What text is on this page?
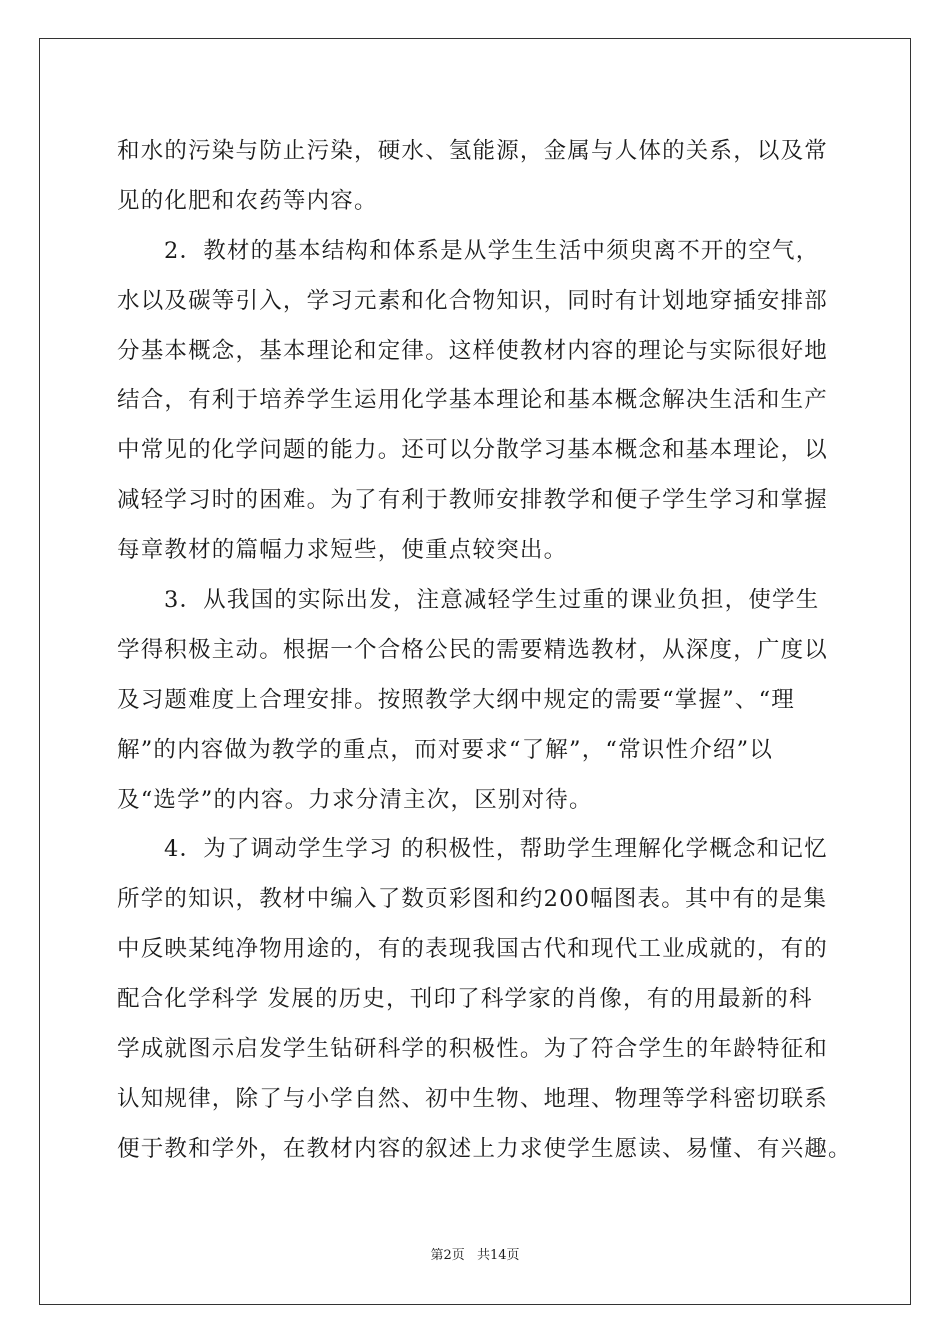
和水的污染与防止污染，硬水、氢能源，金属与人体的关系，以及常
见的化肥和农药等内容。
2．教材的基本结构和体系是从学生生活中须臾离不开的空气，
水以及碳等引入，学习元素和化合物知识，同时有计划地穿插安排部
分基本概念，基本理论和定律。这样使教材内容的理论与实际很好地
结合，有利于培养学生运用化学基本理论和基本概念解决生活和生产
中常见的化学问题的能力。还可以分散学习基本概念和基本理论，以
减轻学习时的困难。为了有利于教师安排教学和便子学生学习和掌握
每章教材的篇幅力求短些，使重点较突出。
3．从我国的实际出发，注意减轻学生过重的课业负担，使学生
学得积极主动。根据一个合格公民的需要精选教材，从深度，广度以
及习题难度上合理安排。按照教学大纲中规定的需要“掌握”、“理
解”的内容做为教学的重点，而对要求“了解”，“常识性介绍”以
及“选学”的内容。力求分清主次，区别对待。
4．为了调动学生学习 的积极性，帮助学生理解化学概念和记忆
所学的知识，教材中编入了数页彩图和约200幅图表。其中有的是集
中反映某纯净物用途的，有的表现我国古代和现代工业成就的，有的
配合化学科学 发展的历史，刊印了科学家的肖像，有的用最新的科
学成就图示启发学生钻研科学的积极性。为了符合学生的年龄特征和
认知规律，除了与小学自然、初中生物、地理、物理等学科密切联系
便于教和学外，在教材内容的叙述上力求使学生愿读、易懂、有兴趣。
第2页 共14页
